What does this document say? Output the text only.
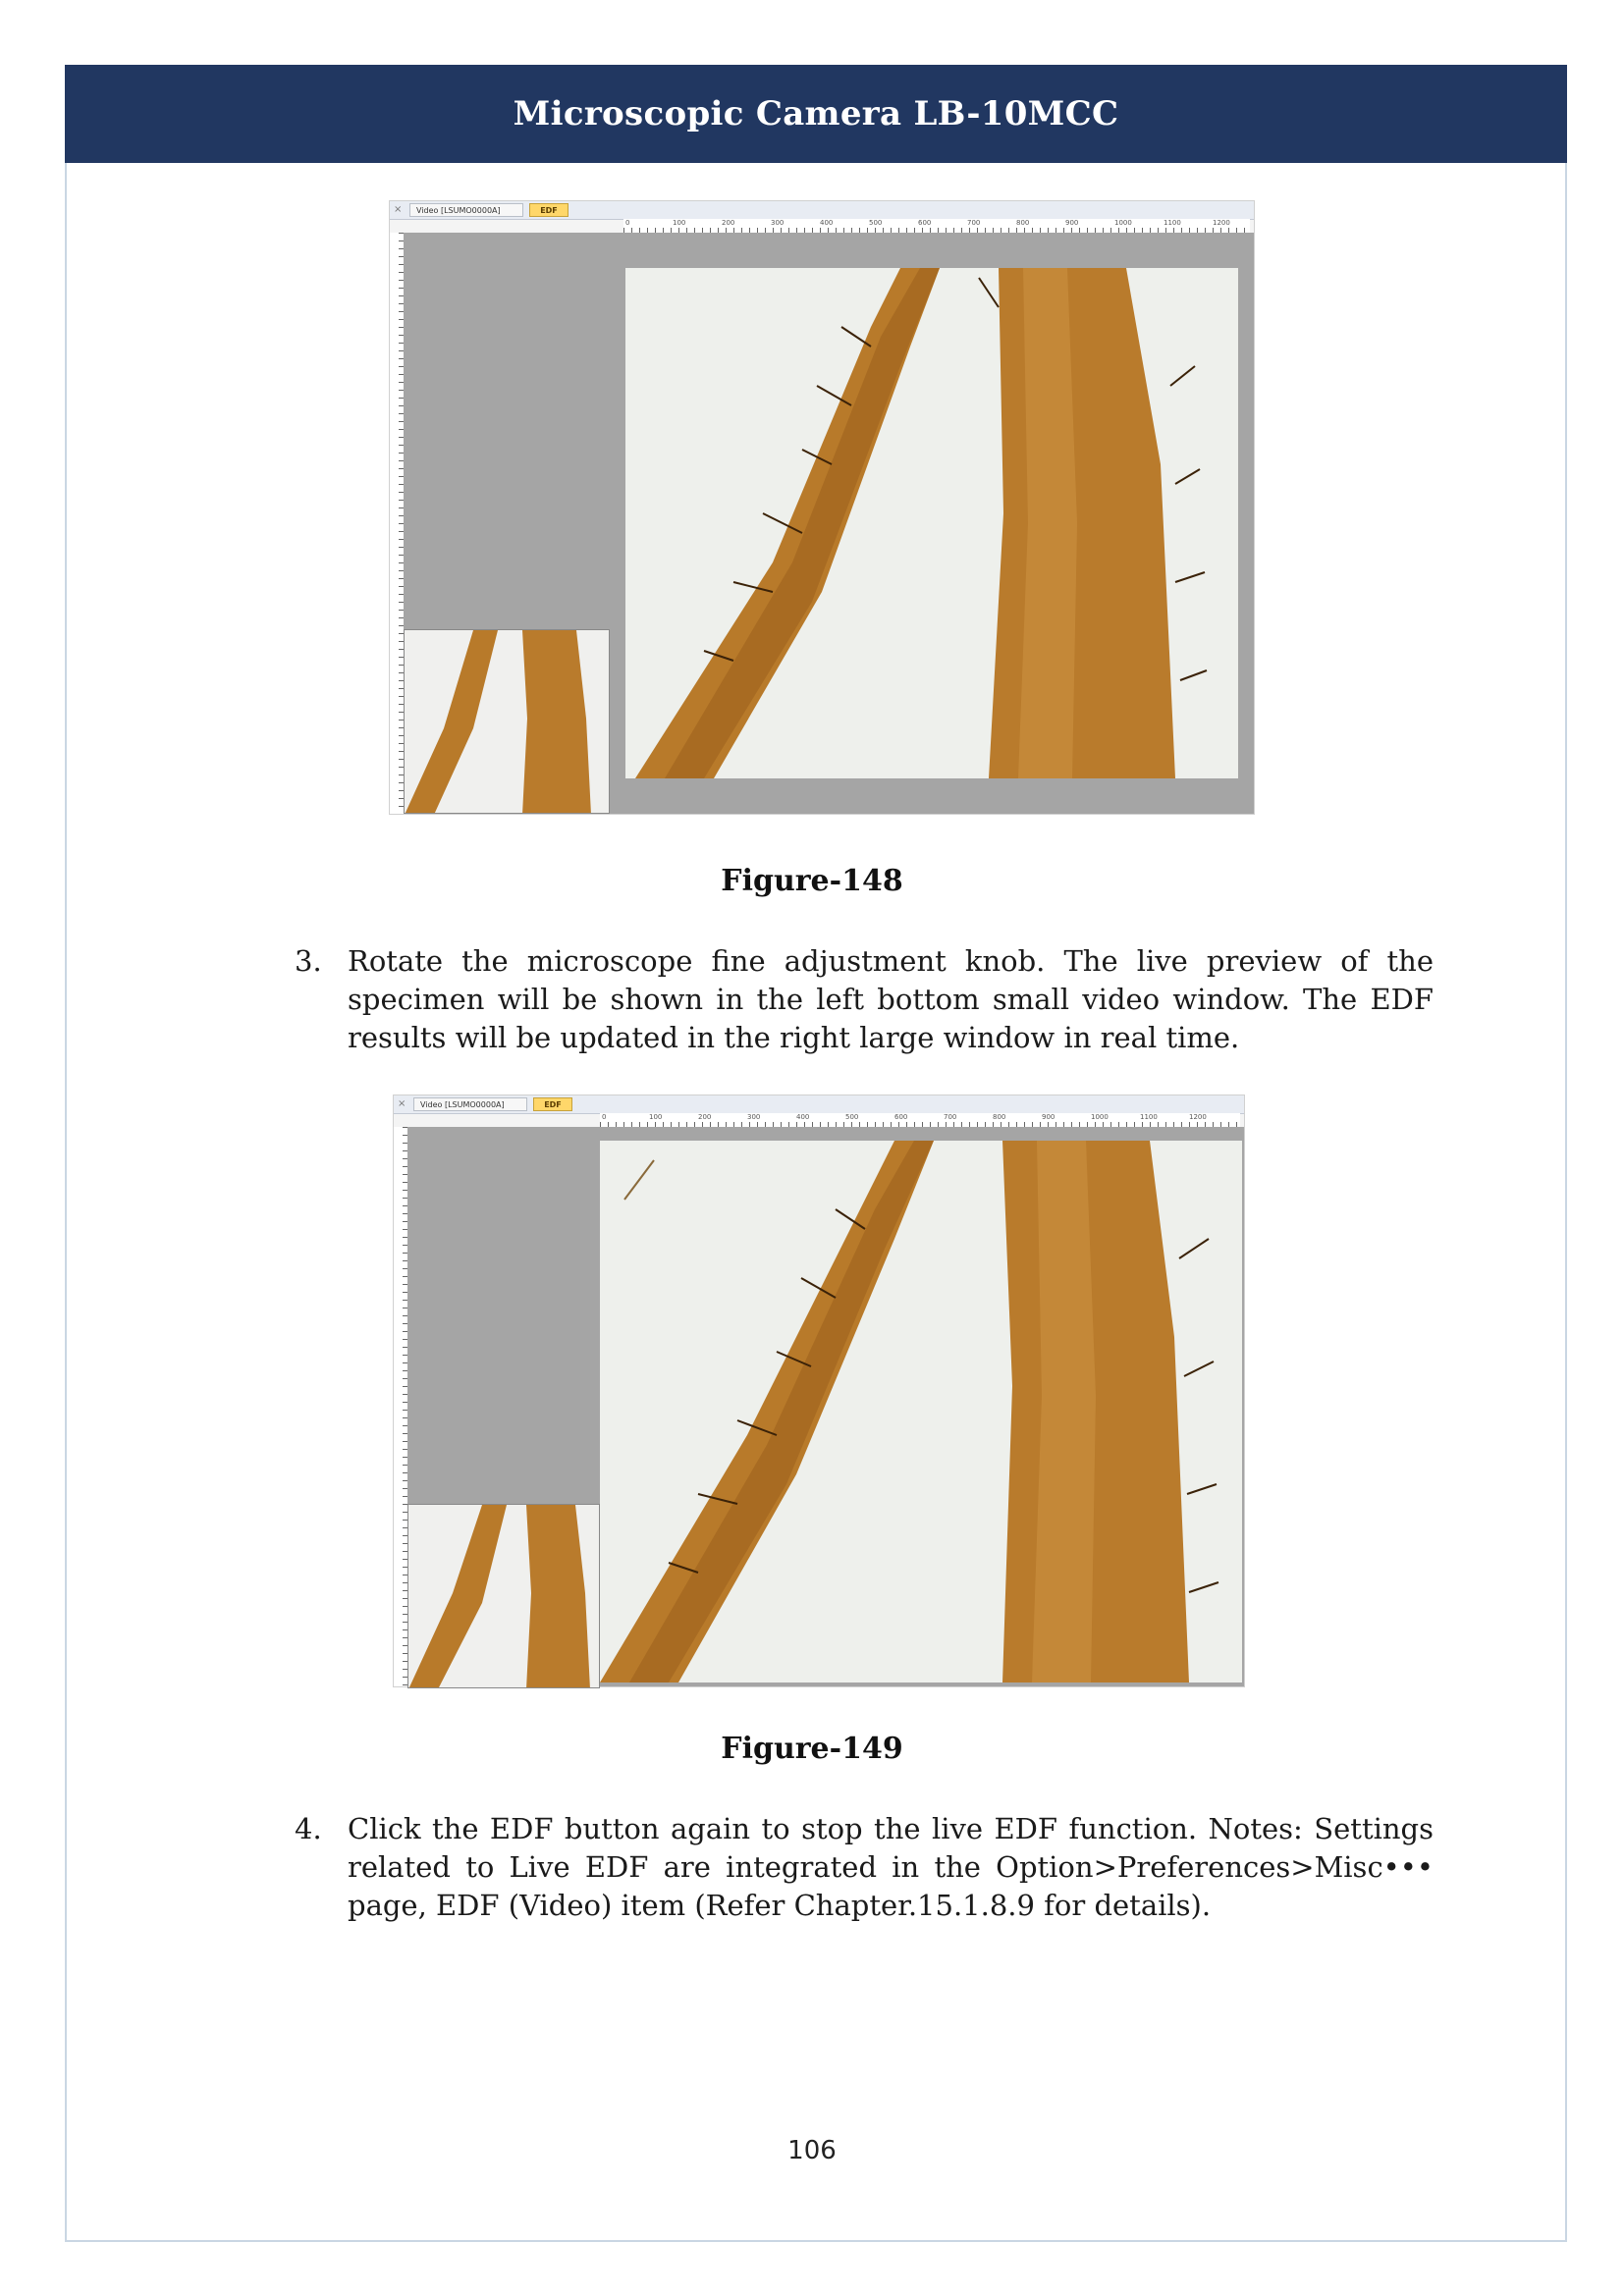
Microscopic Camera LB-10MCC
×	Video [LSUMO0000A]	EDF
0	100	200	300	400	500	600	700	800	900	1000	1100	1200
Figure-148
3. Rotate the microscope fine adjustment knob. The live preview of the specimen will be shown in the left bottom small video window. The EDF results will be updated in the right large window in real time.
×	Video [LSUMO0000A]	EDF
0	100	200	300	400	500	600	700	800	900	1000	1100	1200
Figure-149
4. Click the EDF button again to stop the live EDF function. Notes: Settings related to Live EDF are integrated in the Option>Preferences>Misc••• page, EDF (Video) item (Refer Chapter.15.1.8.9 for details).
106
